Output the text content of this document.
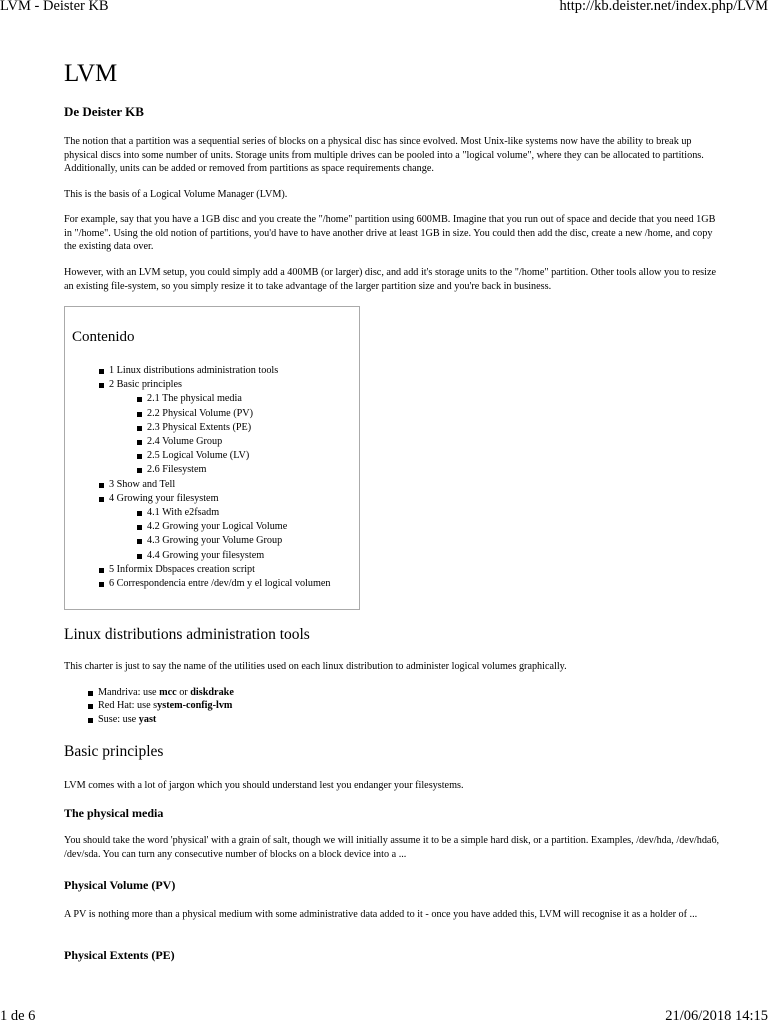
LVM - Deister KB	http://kb.deister.net/index.php/LVM
LVM
De Deister KB

The notion that a partition was a sequential series of blocks on a physical disc has since evolved. Most Unix-like systems now have the ability to break up physical discs into some number of units. Storage units from multiple drives can be pooled into a "logical volume", where they can be allocated to partitions. Additionally, units can be added or removed from partitions as space requirements change.

This is the basis of a Logical Volume Manager (LVM).

For example, say that you have a 1GB disc and you create the "/home" partition using 600MB. Imagine that you run out of space and decide that you need 1GB in "/home". Using the old notion of partitions, you'd have to have another drive at least 1GB in size. You could then add the disc, create a new /home, and copy the existing data over.

However, with an LVM setup, you could simply add a 400MB (or larger) disc, and add it's storage units to the "/home" partition. Other tools allow you to resize an existing file-system, so you simply resize it to take advantage of the larger partition size and you're back in business.

Contenido
1 Linux distributions administration tools
2 Basic principles
2.1 The physical media
2.2 Physical Volume (PV)
2.3 Physical Extents (PE)
2.4 Volume Group
2.5 Logical Volume (LV)
2.6 Filesystem
3 Show and Tell
4 Growing your filesystem
4.1 With e2fsadm
4.2 Growing your Logical Volume
4.3 Growing your Volume Group
4.4 Growing your filesystem
5 Informix Dbspaces creation script
6 Correspondencia entre /dev/dm y el logical volumen
Linux distributions administration tools

This charter is just to say the name of the utilities used on each linux distribution to administer logical volumes graphically.

Mandriva: use mcc or diskdrake
Red Hat: use system-config-lvm
Suse: use yast
Basic principles

LVM comes with a lot of jargon which you should understand lest you endanger your filesystems.

The physical media

You should take the word 'physical' with a grain of salt, though we will initially assume it to be a simple hard disk, or a partition. Examples, /dev/hda, /dev/hda6, /dev/sda. You can turn any consecutive number of blocks on a block device into a ...

Physical Volume (PV)

A PV is nothing more than a physical medium with some administrative data added to it - once you have added this, LVM will recognise it as a holder of ...

Physical Extents (PE)
1 de 6	21/06/2018 14:15
